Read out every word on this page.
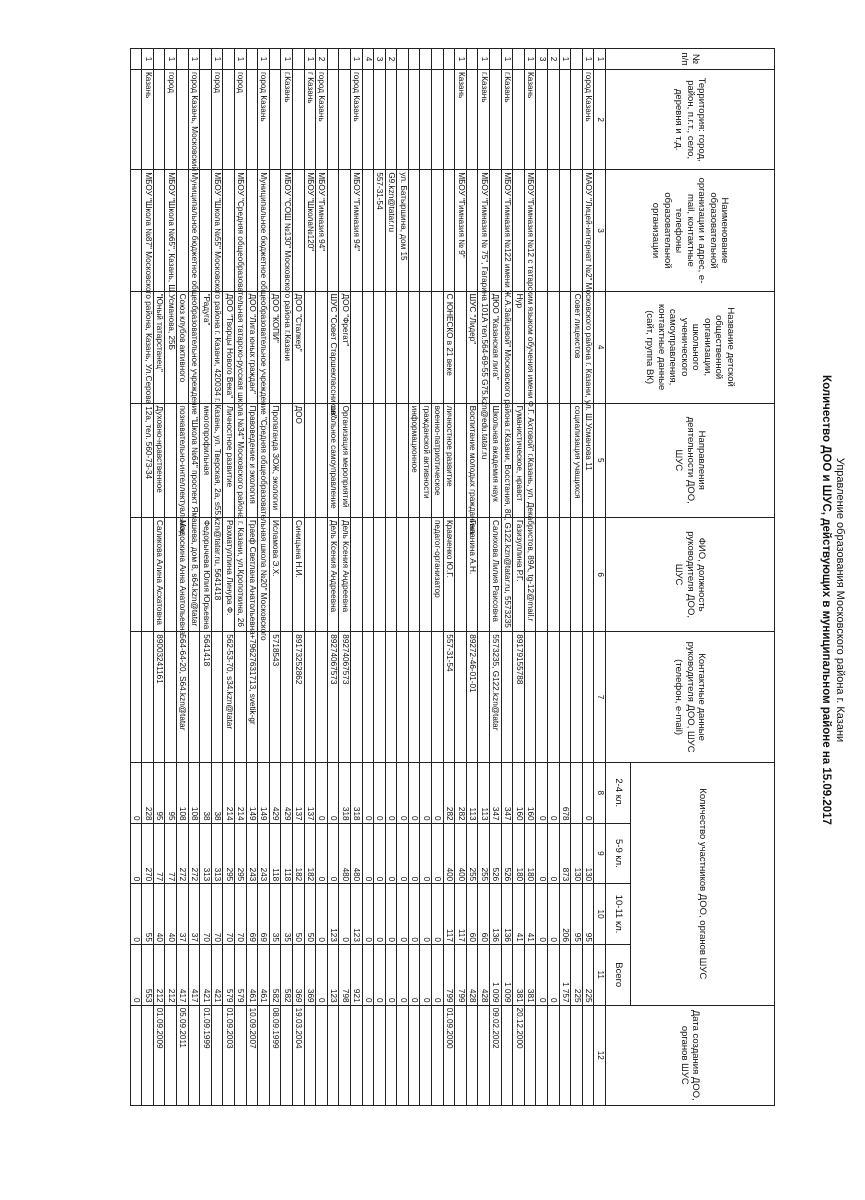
Управление образования Московского района г. Казани
Количество ДОО и ШУС, действующих в муниципальном районе на 15.09.2017
№ п/п	Территория: город, район, п.г.т., село, деревня и т.д.	Наименование образовательной организации и адрес, e-mail, контактные телефоны образовательной организации	Название детской общественной организации, школьного ученического самоуправления, контактные данные (сайт, группа ВК)	Направления деятельности ДОО, ШУС	ФИО, должность руководителя ДОО, ШУС	Контактные данные руководителя ДОО, ШУС (телефон, e-mail)	Количество участников ДОО, органов ШУС				Дата создания ДОО, органов ШУС
							2-4 кл.	5-9 кл.	10-11 кл.	Всего	
1	2	3	4	5	6	7	8	9	10	11	12
1	город Казань	МАОУ "Лицей-интернат №2" Московского района г. Казани, ул. Ш.Усманова 11					0	130	95	225	
			Совет лицеистов	социализация учащихся				130	95	225	
1							678	873	206	1 757	
2							0	0	0	0	
3							0	0	0	0	
1	Казань	МБОУ "Гимназия №12 с татарским языком обучения имени Ф.Г. Ахтовой" г.Казань, ул. Декабристов, 89А, tg-12@mail.r					160	180	41	381	
			Нур	Гуманистическое, нравст	Газизуллина Р.Г.	89179155788	160	180	41	381	20.12.2000
1	г.Казань	МБОУ "Гимназия №122 имени Ж.А.Зайцевой" Московского района г.Казани, Восстания, 80, G122.kzn@tatar.ru, 5573235					347	526	136	1 009	
			ДЮО "Казанская лига"	Школьная академия наук	Салихова Лилия Раисовна	5573235, G122.kzn@tatar	347	526	136	1 009	09.02.2002
1	г.Казань	МБОУ "Гимназия № 75", Гагарина 101А тел.564-69-55 G75.kzn@edu.tatar.ru					113	255	60	428	
			ШУС "Лидер"	Воспитание молодых гражданина	Галанина А.Н.	89272-46-01-01	113	255	60	428	
1	Казань	МБОУ "Гимназия № 9"					282	400	117	799	
			С ЮНЕСКО в 21 веке	личностное развитие	Кравченко Ю.Г.	557-31-54	282	400	117	799	01.09.2000
				военно-патриотическое	педагог-организатор		0	0	0	0	
				гражданской активности			0	0	0	0	
				информационное			0	0	0	0	
		ул. Батыршина, дом 15					0	0	0	0	
2		G9.kzn@tatar.ru					0	0	0	0	
3		557-31-54					0	0	0	0	
4							0	0	0	0	
1	город Казань	МБОУ "Гимназия 94"					318	480	123	921	
			ДОО "Фрегат"	Организация мероприятий	Дель Ксения Андреевна	89274067573	318	480	0	798	
			ШУС "Совет Старшеклассников"	школьное самоуправление	Дель Ксения Андреевна	89274067573	0	0	123	123	
2	город Казань	МБОУ "Гимназия 94"					0	0	0	0	
1	г Казань	МБОУ "Школа№120"					137	182	50	369	
			ДОО "Сталкер"	ДОО	Синицына Н.И.	89173252862	137	182	50	369	19.03.2004
1	г.Казань	МБОУ "СОШ №130" Московского района г.Казани					429	118	35	582	
			ДОО "КОПИ"	Пропаганда ЗОЖ, экологии	Исламова Э.Х.	5718543	429	118	35	582	08.09.1999
1	город Казань	Муниципальное бюджетное общеобразовательное учреждение "Средняя общеобразовательная школа №20" Московского					149	243	69	461	
			ДОО "Лига юных граждан"	Правоведение и экология	Граеф Светлана Анатольевна	+79627631713, svetik-gr	149	243	69	461	10.09.2007
1	город	МБОУ "Средняя общеобразовательная татарско-русская школа №34" Московского района г. Казани, ул.Кропоткина, 26					214	295	70	579	
			ДОО "Творцы Нового Века"	Личностное развитие	Рахматуллина Линура Ф.	562-53-70, s34.kzn@tatar	214	295	70	579	01.09.2003
1	город	МБОУ "Школа №55" Московского района г. Казани, 420034 г. Казань, ул. Тверская, 2а, s55.kzn@tatar.ru, 5641418					38	313	70	421	
			"Радуга"	многопрофильная	Федорычева Юлия Юрьевна	5641418	38	313	70	421	01.09.1999
1	город Казань, Московский	Муниципальное бюджетное общеобразовательное учреждение "Школа №64" проспект Ямашева, дом 8, s64.kzn@tatar					108	272	37	417	
			Союз клубов активного	познавательно-интеллектуальное	Мадоскина Анна Анатольевна	564-64-20, S64.kzn@tatar	108	272	37	417	05.09.2011
1	город	МБОУ "Школа №65", Казань, Ш.Усманова, 25Б					95	77	40	212	
			"Юный татарстанец"	Духовно-нравственное	Саликова Алина Асхатовна	89003241161	95	77	40	212	01.09.2009
1	Казань	МБОУ "Школа №87" Московского района, Казань, Ул.Серова 12а, тел. 560-73-34					228	270	55	553	
							0	0	0	0	
